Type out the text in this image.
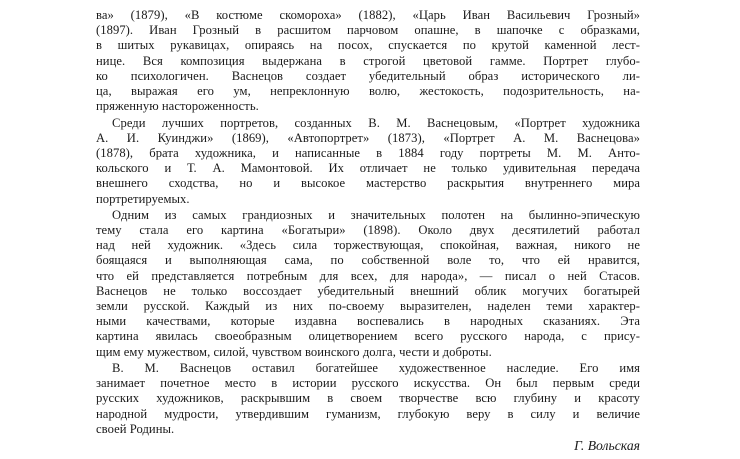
ва» (1879), «В костюме скомороха» (1882), «Царь Иван Васильевич Грозный»
(1897). Иван Грозный в расшитом парчовом опашне, в шапочке с образками,
в шитых рукавицах, опираясь на посох, спускается по крутой каменной лест-
нице. Вся композиция выдержана в строгой цветовой гамме. Портрет глубо-
ко психологичен. Васнецов создает убедительный образ исторического ли-
ца, выражая его ум, непреклонную волю, жестокость, подозрительность, на-
пряженную настороженность.
Среди лучших портретов, созданных В. М. Васнецовым, «Портрет художника
А. И. Куинджи» (1869), «Автопортрет» (1873), «Портрет А. М. Васнецова»
(1878), брата художника, и написанные в 1884 году портреты М. М. Анто-
кольского и Т. А. Мамонтовой. Их отличает не только удивительная передача
внешнего сходства, но и высокое мастерство раскрытия внутреннего мира
портретируемых.
Одним из самых грандиозных и значительных полотен на былинно-эпическую
тему стала его картина «Богатыри» (1898). Около двух десятилетий работал
над ней художник. «Здесь сила торжествующая, спокойная, важная, никого не
боящаяся и выполняющая сама, по собственной воле то, что ей нравится,
что ей представляется потребным для всех, для народа», — писал о ней Стасов.
Васнецов не только воссоздает убедительный внешний облик могучих богатырей
земли русской. Каждый из них по-своему выразителен, наделен теми характер-
ными качествами, которые издавна воспевались в народных сказаниях. Эта
картина явилась своеобразным олицетворением всего русского народа, с прису-
щим ему мужеством, силой, чувством воинского долга, чести и доброты.
В. М. Васнецов оставил богатейшее художественное наследие. Его имя
занимает почетное место в истории русского искусства. Он был первым среди
русских художников, раскрывшим в своем творчестве всю глубину и красоту
народной мудрости, утвердившим гуманизм, глубокую веру в силу и величие
своей Родины.
Г. Вольская
